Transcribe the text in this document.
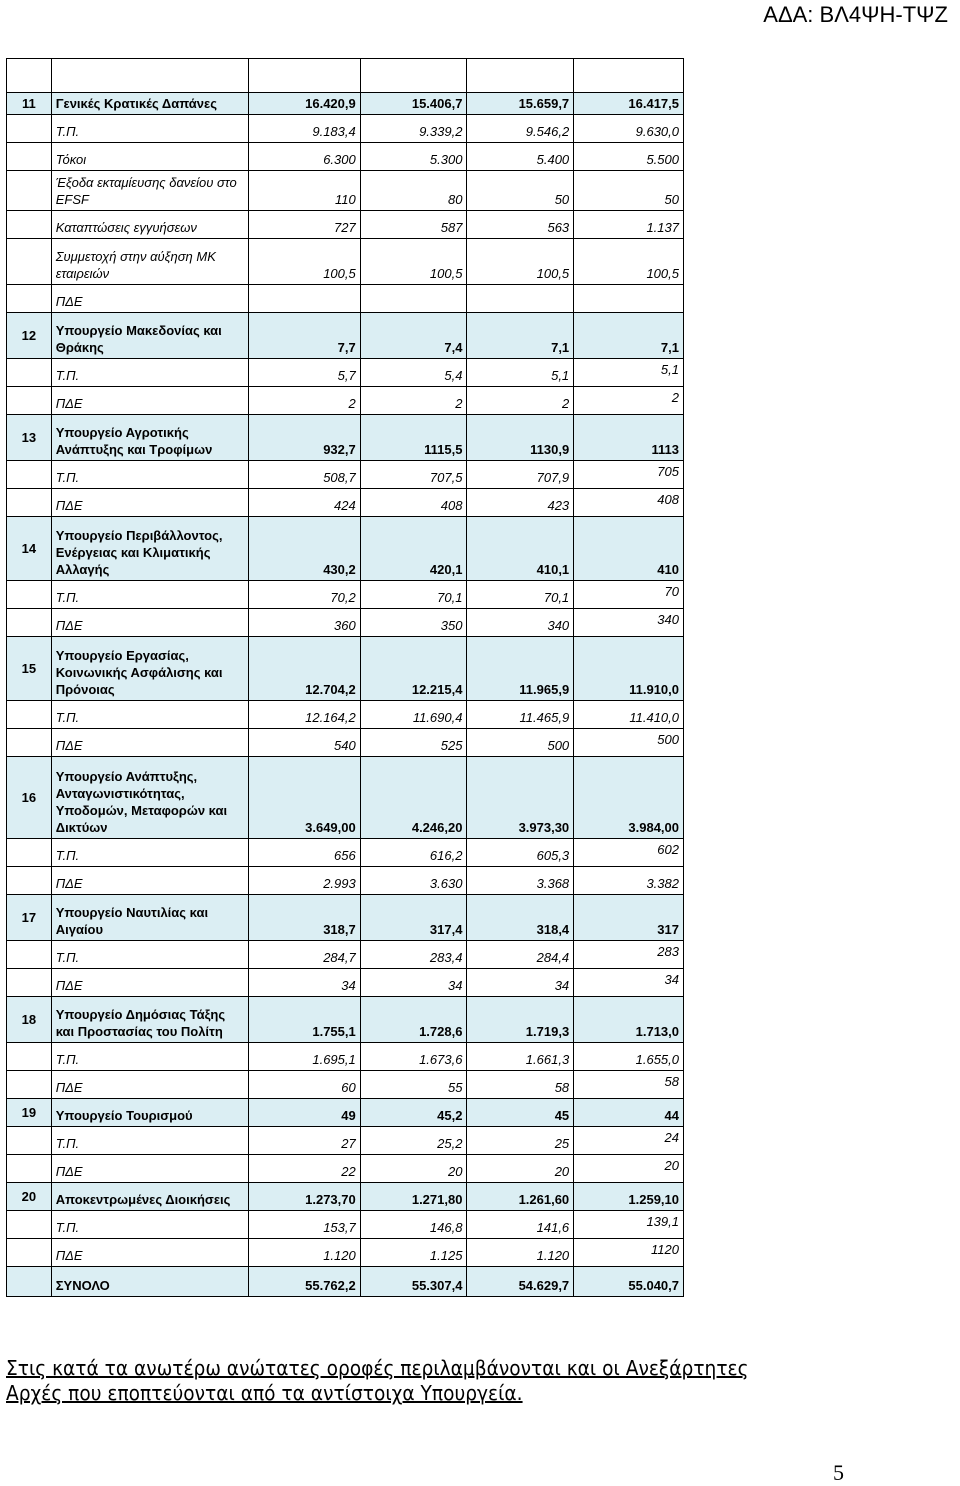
ΑΔΑ: ΒΛ4ΨΗ-ΤΨΖ

11	Γενικές Κρατικές Δαπάνες	16.420,9	15.406,7	15.659,7	16.417,5
	Τ.Π.	9.183,4	9.339,2	9.546,2	9.630,0
	Τόκοι	6.300	5.300	5.400	5.500
	Έξοδα εκταμίευσης δανείου στο EFSF	110	80	50	50
	Καταπτώσεις εγγυήσεων	727	587	563	1.137
	Συμμετοχή στην αύξηση ΜΚ εταιρειών	100,5	100,5	100,5	100,5
	ΠΔΕ				
12	Υπουργείο Μακεδονίας και Θράκης	7,7	7,4	7,1	7,1
	Τ.Π.	5,7	5,4	5,1	5,1
	ΠΔΕ	2	2	2	2
13	Υπουργείο Αγροτικής Ανάπτυξης και Τροφίμων	932,7	1115,5	1130,9	1113
	Τ.Π.	508,7	707,5	707,9	705
	ΠΔΕ	424	408	423	408
14	Υπουργείο Περιβάλλοντος, Ενέργειας και Κλιματικής Αλλαγής	430,2	420,1	410,1	410
	Τ.Π.	70,2	70,1	70,1	70
	ΠΔΕ	360	350	340	340
15	Υπουργείο Εργασίας, Κοινωνικής Ασφάλισης και Πρόνοιας	12.704,2	12.215,4	11.965,9	11.910,0
	Τ.Π.	12.164,2	11.690,4	11.465,9	11.410,0
	ΠΔΕ	540	525	500	500
16	Υπουργείο Ανάπτυξης, Ανταγωνιστικότητας, Υποδομών, Μεταφορών και Δικτύων	3.649,00	4.246,20	3.973,30	3.984,00
	Τ.Π.	656	616,2	605,3	602
	ΠΔΕ	2.993	3.630	3.368	3.382
17	Υπουργείο Ναυτιλίας και Αιγαίου	318,7	317,4	318,4	317
	Τ.Π.	284,7	283,4	284,4	283
	ΠΔΕ	34	34	34	34
18	Υπουργείο Δημόσιας Τάξης και Προστασίας του Πολίτη	1.755,1	1.728,6	1.719,3	1.713,0
	Τ.Π.	1.695,1	1.673,6	1.661,3	1.655,0
	ΠΔΕ	60	55	58	58
19	Υπουργείο Τουρισμού	49	45,2	45	44
	Τ.Π.	27	25,2	25	24
	ΠΔΕ	22	20	20	20
20	Αποκεντρωμένες Διοικήσεις	1.273,70	1.271,80	1.261,60	1.259,10
	Τ.Π.	153,7	146,8	141,6	139,1
	ΠΔΕ	1.120	1.125	1.120	1120
	ΣΥΝΟΛΟ	55.762,2	55.307,4	54.629,7	55.040,7
Στις κατά τα ανωτέρω ανώτατες οροφές περιλαμβάνονται και οι Ανεξάρτητες Αρχές που εποπτεύονται από τα αντίστοιχα Υπουργεία.
5
